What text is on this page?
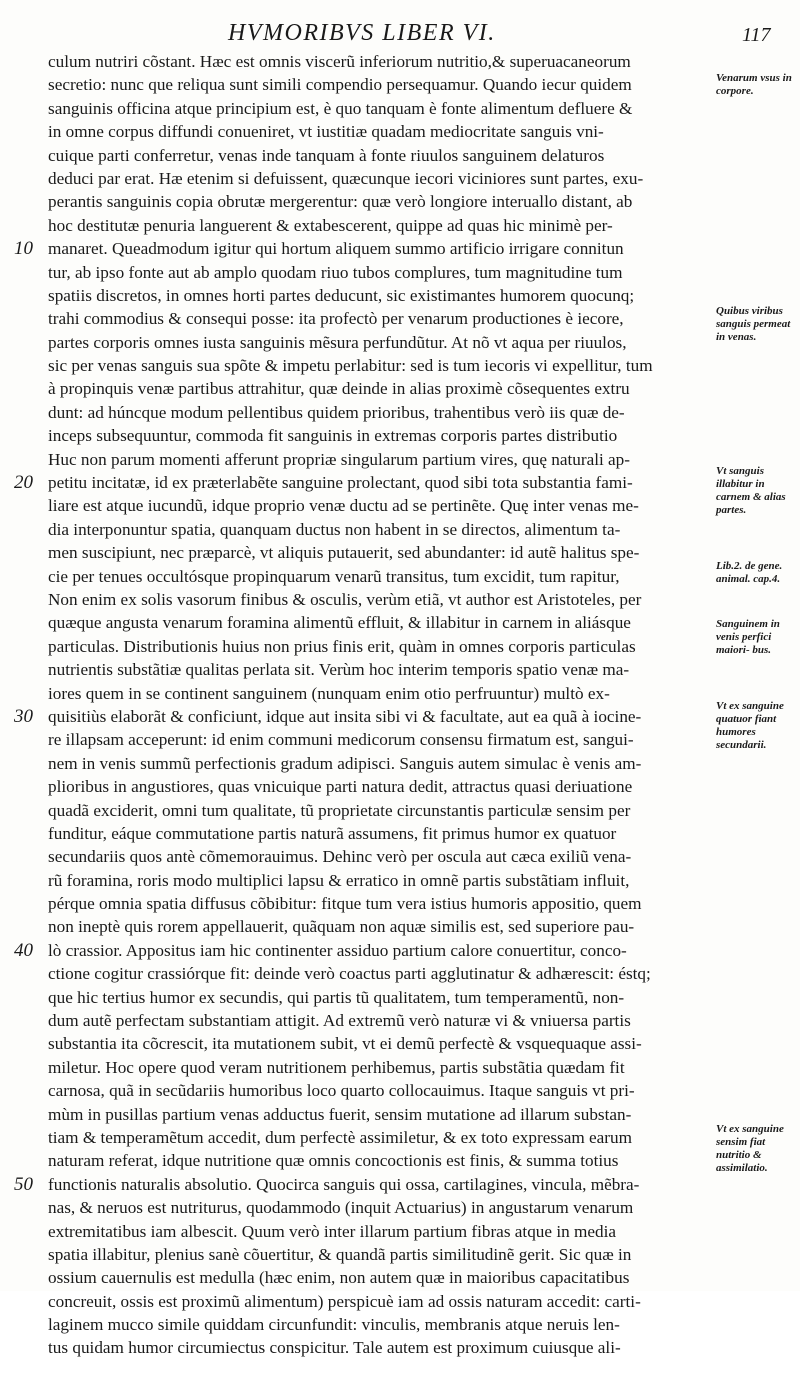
HVMORIBVS LIBER VI.	117
10
20
30
40
50
culum nutriri cõstant. Hæc est omnis viscerũ inferiorum nutritio,& superuacaneorum
secretio: nunc que reliqua sunt simili compendio persequamur. Quando iecur quidem
sanguinis officina atque principium est, è quo tanquam è fonte alimentum defluere &
in omne corpus diffundi conueniret, vt iustitiæ quadam mediocritate sanguis vni-
cuique parti conferretur, venas inde tanquam à fonte riuulos sanguinem delaturos
deduci par erat. Hæ etenim si defuissent, quæcunque iecori viciniores sunt partes, exu-
perantis sanguinis copia obrutæ mergerentur: quæ verò longiore interuallo distant, ab
hoc destitutæ penuria languerent & extabescerent, quippe ad quas hic minimè per-
manaret. Queadmodum igitur qui hortum aliquem summo artificio irrigare connitun
tur, ab ipso fonte aut ab amplo quodam riuo tubos complures, tum magnitudine tum
spatiis discretos, in omnes horti partes deducunt, sic existimantes humorem quocunq;
trahi commodius & consequi posse: ita profectò per venarum productiones è iecore,
partes corporis omnes iusta sanguinis mẽsura perfundũtur. At nõ vt aqua per riuulos,
sic per venas sanguis sua spõte & impetu perlabitur: sed is tum iecoris vi expellitur, tum
à propinquis venæ partibus attrahitur, quæ deinde in alias proximè cõsequentes extru
dunt: ad húncque modum pellentibus quidem prioribus, trahentibus verò iis quæ de-
inceps subsequuntur, commoda fit sanguinis in extremas corporis partes distributio
Huc non parum momenti afferunt propriæ singularum partium vires, quę naturali ap-
petitu incitatæ, id ex præterlabẽte sanguine prolectant, quod sibi tota substantia fami-
liare est atque iucundũ, idque proprio venæ ductu ad se pertinẽte. Quę inter venas me-
dia interponuntur spatia, quanquam ductus non habent in se directos, alimentum ta-
men suscipiunt, nec præparcè, vt aliquis putauerit, sed abundanter: id autẽ halitus spe-
cie per tenues occultósque propinquarum venarũ transitus, tum excidit, tum rapitur,
Non enim ex solis vasorum finibus & osculis, verùm etiã, vt author est Aristoteles, per
quæque angusta venarum foramina alimentũ effluit, & illabitur in carnem in aliásque
particulas. Distributionis huius non prius finis erit, quàm in omnes corporis particulas
nutrientis substãtiæ qualitas perlata sit. Verùm hoc interim temporis spatio venæ ma-
iores quem in se continent sanguinem (nunquam enim otio perfruuntur) multò ex-
quisitiùs elaborãt & conficiunt, idque aut insita sibi vi & facultate, aut ea quã à iocine-
re illapsam acceperunt: id enim communi medicorum consensu firmatum est, sangui-
nem in venis summũ perfectionis gradum adipisci. Sanguis autem simulac è venis am-
plioribus in angustiores, quas vnicuique parti natura dedit, attractus quasi deriuatione
quadã exciderit, omni tum qualitate, tũ proprietate circunstantis particulæ sensim per
funditur, eáque commutatione partis naturã assumens, fit primus humor ex quatuor
secundariis quos antè cõmemorauimus. Dehinc verò per oscula aut cæca exiliũ vena-
rũ foramina, roris modo multiplici lapsu & erratico in omnẽ partis substãtiam influit,
pérque omnia spatia diffusus cõbibitur: fitque tum vera istius humoris appositio, quem
non ineptè quis rorem appellauerit, quãquam non aquæ similis est, sed superiore pau-
lò crassior. Appositus iam hic continenter assiduo partium calore conuertitur, conco-
ctione cogitur crassiórque fit: deinde verò coactus parti agglutinatur & adhærescit: éstq;
que hic tertius humor ex secundis, qui partis tũ qualitatem, tum temperamentũ, non-
dum autẽ perfectam substantiam attigit. Ad extremũ verò naturæ vi & vniuersa partis
substantia ita cõcrescit, ita mutationem subit, vt ei demũ perfectè & vsquequaque assi-
miletur. Hoc opere quod veram nutritionem perhibemus, partis substãtia quædam fit
carnosa, quã in secũdariis humoribus loco quarto collocauimus. Itaque sanguis vt pri-
mùm in pusillas partium venas adductus fuerit, sensim mutatione ad illarum substan-
tiam & temperamẽtum accedit, dum perfectè assimiletur, & ex toto expressam earum
naturam referat, idque nutritione quæ omnis concoctionis est finis, & summa totius
functionis naturalis absolutio. Quocirca sanguis qui ossa, cartilagines, vincula, mẽbra-
nas, & neruos est nutriturus, quodammodo (inquit Actuarius) in angustarum venarum
extremitatibus iam albescit. Quum verò inter illarum partium fibras atque in media
spatia illabitur, plenius sanè cõuertitur, & quandã partis similitudinẽ gerit. Sic quæ in
ossium cauernulis est medulla (hæc enim, non autem quæ in maioribus capacitatibus
concreuit, ossis est proximũ alimentum) perspicuè iam ad ossis naturam accedit: carti-
laginem mucco simile quiddam circunfundit: vinculis, membranis atque neruis len-
tus quidam humor circumiectus conspicitur. Tale autem est proximum cuiusque ali-
Venarum vsus in corpore.
Quibus viribus sanguis permeat in venas.
Vt sanguis illabitur in carnem & alias partes.
Lib.2. de gene. animal. cap.4.
Sanguinem in venis perfici maiori- bus.
Vt ex sanguine quatuor fiant humores secundarii.
Vt ex sanguine sensim fiat nutritio & assimilatio.
